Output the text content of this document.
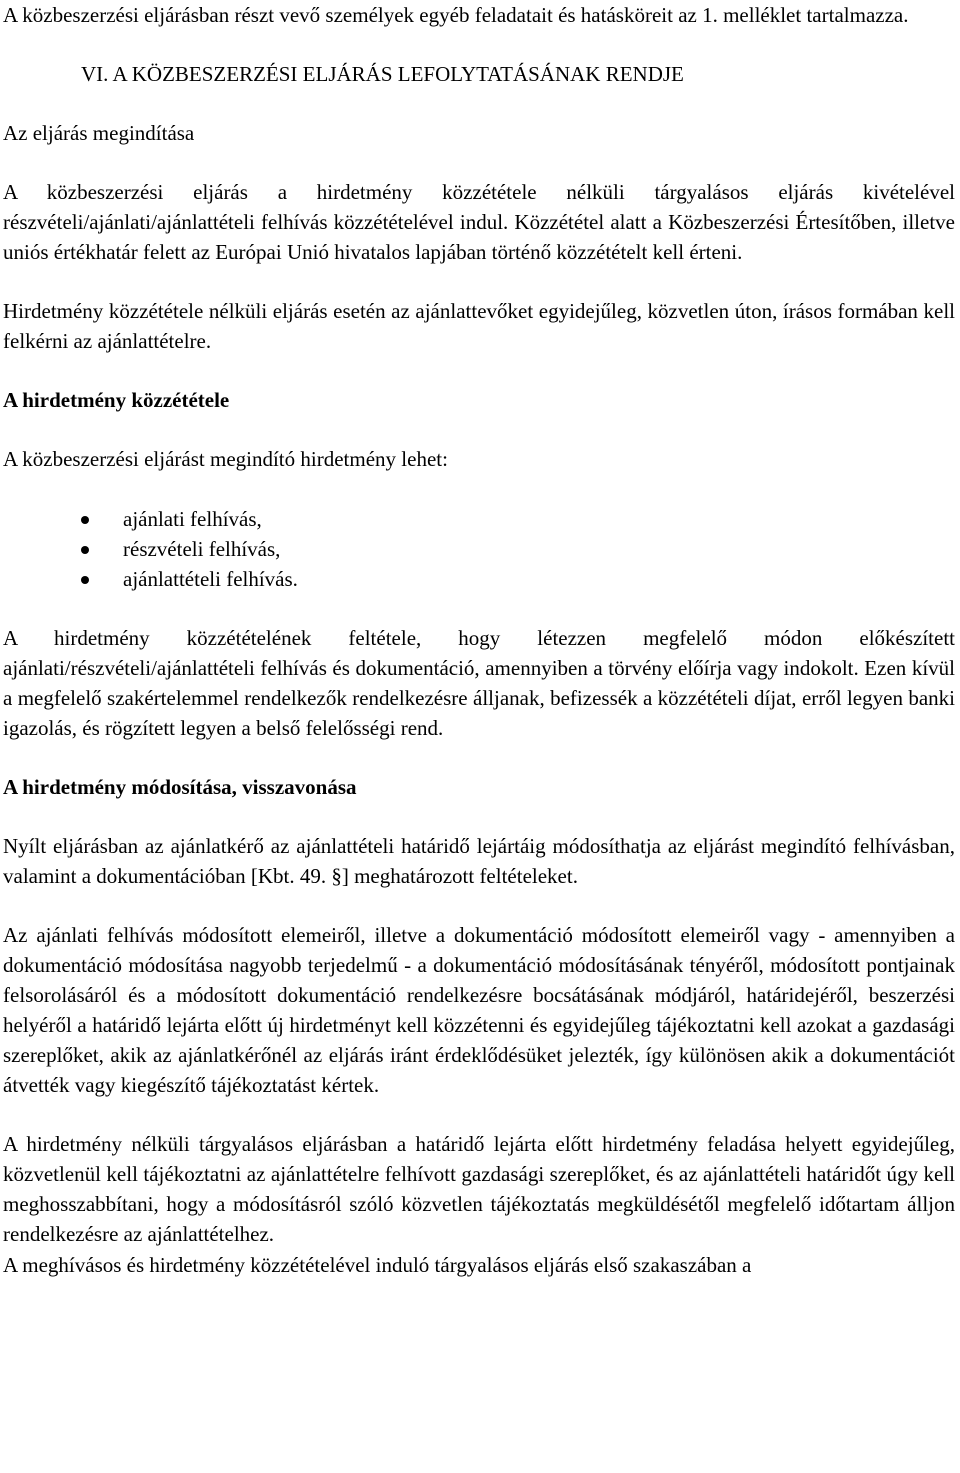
A közbeszerzési eljárásban részt vevő személyek egyéb feladatait és hatásköreit az 1. melléklet tartalmazza.

VI. A KÖZBESZERZÉSI ELJÁRÁS LEFOLYTATÁSÁNAK RENDJE

Az eljárás megindítása

A közbeszerzési eljárás a hirdetmény közzététele nélküli tárgyalásos eljárás kivételével részvételi/ajánlati/ajánlattételi felhívás közzétételével indul. Közzététel alatt a Közbeszerzési Értesítőben, illetve uniós értékhatár felett az Európai Unió hivatalos lapjában történő közzétételt kell érteni.

Hirdetmény közzététele nélküli eljárás esetén az ajánlattevőket egyidejűleg, közvetlen úton, írásos formában kell felkérni az ajánlattételre.

A hirdetmény közzététele

A közbeszerzési eljárást megindító hirdetmény lehet:

ajánlati felhívás,
részvételi felhívás,
ajánlattételi felhívás.

A hirdetmény közzétételének feltétele, hogy létezzen megfelelő módon előkészített ajánlati/részvételi/ajánlattételi felhívás és dokumentáció, amennyiben a törvény előírja vagy indokolt. Ezen kívül a megfelelő szakértelemmel rendelkezők rendelkezésre álljanak, befizessék a közzétételi díjat, erről legyen banki igazolás, és rögzített legyen a belső felelősségi rend.

A hirdetmény módosítása, visszavonása

Nyílt eljárásban az ajánlatkérő az ajánlattételi határidő lejártáig módosíthatja az eljárást megindító felhívásban, valamint a dokumentációban [Kbt. 49. §] meghatározott feltételeket.

Az ajánlati felhívás módosított elemeiről, illetve a dokumentáció módosított elemeiről vagy - amennyiben a dokumentáció módosítása nagyobb terjedelmű - a dokumentáció módosításának tényéről, módosított pontjainak felsorolásáról és a módosított dokumentáció rendelkezésre bocsátásának módjáról, határidejéről, beszerzési helyéről a határidő lejárta előtt új hirdetményt kell közzétenni és egyidejűleg tájékoztatni kell azokat a gazdasági szereplőket, akik az ajánlatkérőnél az eljárás iránt érdeklődésüket jelezték, így különösen akik a dokumentációt átvették vagy kiegészítő tájékoztatást kértek.

A hirdetmény nélküli tárgyalásos eljárásban a határidő lejárta előtt hirdetmény feladása helyett egyidejűleg, közvetlenül kell tájékoztatni az ajánlattételre felhívott gazdasági szereplőket, és az ajánlattételi határidőt úgy kell meghosszabbítani, hogy a módosításról szóló közvetlen tájékoztatás megküldésétől megfelelő időtartam álljon rendelkezésre az ajánlattételhez.

A meghívásos és hirdetmény közzétételével induló tárgyalásos eljárás első szakaszában a
